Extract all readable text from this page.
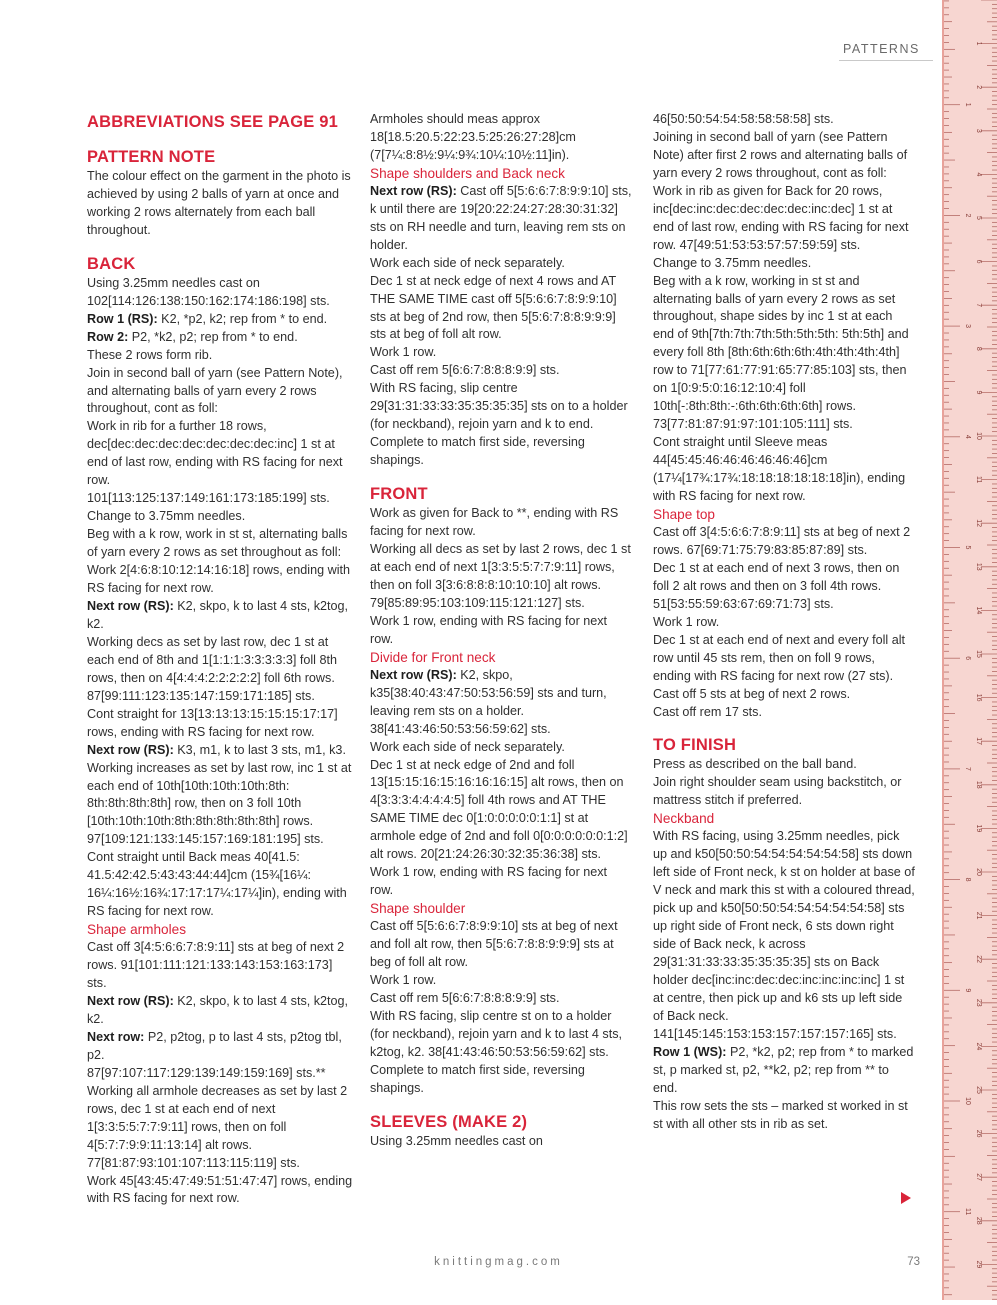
PATTERNS
ABBREVIATIONS SEE PAGE 91
PATTERN NOTE

The colour effect on the garment in the photo is achieved by using 2 balls of yarn at once and working 2 rows alternately from each ball throughout.

BACK

Using 3.25mm needles cast on 102[114:126:138:150:162:174:186:198] sts.

Row 1 (RS): K2, *p2, k2; rep from * to end.

Row 2: P2, *k2, p2; rep from * to end.

These 2 rows form rib.

Join in second ball of yarn (see Pattern Note), and alternating balls of yarn every 2 rows throughout, cont as foll:

Work in rib for a further 18 rows, dec[dec:dec:dec:dec:dec:dec:dec:inc] 1 st at end of last row, ending with RS facing for next row.

101[113:125:137:149:161:173:185:199] sts.

Change to 3.75mm needles.

Beg with a k row, work in st st, alternating balls of yarn every 2 rows as set throughout as foll:

Work 2[4:6:8:10:12:14:16:18] rows, ending with RS facing for next row.

Next row (RS): K2, skpo, k to last 4 sts, k2tog, k2.

Working decs as set by last row, dec 1 st at each end of 8th and 1[1:1:1:3:3:3:3:3] foll 8th rows, then on 4[4:4:4:2:2:2:2:2] foll 6th rows. 87[99:111:123:135:147:159:171:185] sts.

Cont straight for 13[13:13:13:15:15:15:17:17] rows, ending with RS facing for next row.

Next row (RS): K3, m1, k to last 3 sts, m1, k3.

Working increases as set by last row, inc 1 st at each end of 10th[10th:10th:10th:8th: 8th:8th:8th:8th] row, then on 3 foll 10th [10th:10th:10th:8th:8th:8th:8th:8th] rows. 97[109:121:133:145:157:169:181:195] sts.

Cont straight until Back meas 40[41.5: 41.5:42:42.5:43:43:44:44]cm (15¾[16¼: 16¼:16½:16¾:17:17:17¼:17¼]in), ending with RS facing for next row.

Shape armholes

Cast off 3[4:5:6:6:7:8:9:11] sts at beg of next 2 rows. 91[101:111:121:133:143:153:163:173] sts.

Next row (RS): K2, skpo, k to last 4 sts, k2tog, k2.

Next row: P2, p2tog, p to last 4 sts, p2tog tbl, p2.

87[97:107:117:129:139:149:159:169] sts.**

Working all armhole decreases as set by last 2 rows, dec 1 st at each end of next 1[3:3:5:5:7:7:9:11] rows, then on foll 4[5:7:7:9:9:11:13:14] alt rows.

77[81:87:93:101:107:113:115:119] sts.

Work 45[43:45:47:49:51:51:47:47] rows, ending with RS facing for next row.

Armholes should meas approx 18[18.5:20.5:22:23.5:25:26:27:28]cm (7[7¼:8:8½:9¼:9¾:10¼:10½:11]in).

Shape shoulders and Back neck

Next row (RS): Cast off 5[5:6:6:7:8:9:9:10] sts, k until there are 19[20:22:24:27:28:30:31:32] sts on RH needle and turn, leaving rem sts on holder.

Work each side of neck separately.

Dec 1 st at neck edge of next 4 rows and AT THE SAME TIME cast off 5[5:6:6:7:8:9:9:10] sts at beg of 2nd row, then 5[5:6:7:8:8:9:9:9] sts at beg of foll alt row.

Work 1 row.

Cast off rem 5[6:6:7:8:8:8:9:9] sts.

With RS facing, slip centre 29[31:31:33:33:35:35:35:35] sts on to a holder (for neckband), rejoin yarn and k to end.

Complete to match first side, reversing shapings.

FRONT

Work as given for Back to **, ending with RS facing for next row.

Working all decs as set by last 2 rows, dec 1 st at each end of next 1[3:3:5:5:7:7:9:11] rows, then on foll 3[3:6:8:8:8:10:10:10] alt rows. 79[85:89:95:103:109:115:121:127] sts.

Work 1 row, ending with RS facing for next row.

Divide for Front neck

Next row (RS): K2, skpo, k35[38:40:43:47:50:53:56:59] sts and turn, leaving rem sts on a holder. 38[41:43:46:50:53:56:59:62] sts.

Work each side of neck separately.

Dec 1 st at neck edge of 2nd and foll 13[15:15:16:15:16:16:16:15] alt rows, then on 4[3:3:3:4:4:4:4:5] foll 4th rows and AT THE SAME TIME dec 0[1:0:0:0:0:0:1:1] st at armhole edge of 2nd and foll 0[0:0:0:0:0:0:1:2] alt rows. 20[21:24:26:30:32:35:36:38] sts.

Work 1 row, ending with RS facing for next row.

Shape shoulder

Cast off 5[5:6:6:7:8:9:9:10] sts at beg of next and foll alt row, then 5[5:6:7:8:8:9:9:9] sts at beg of foll alt row.

Work 1 row.

Cast off rem 5[6:6:7:8:8:8:9:9] sts.

With RS facing, slip centre st on to a holder (for neckband), rejoin yarn and k to last 4 sts, k2tog, k2. 38[41:43:46:50:53:56:59:62] sts.

Complete to match first side, reversing shapings.

SLEEVES (MAKE 2)

Using 3.25mm needles cast on

46[50:50:54:54:58:58:58:58] sts.

Joining in second ball of yarn (see Pattern Note) after first 2 rows and alternating balls of yarn every 2 rows throughout, cont as foll:

Work in rib as given for Back for 20 rows, inc[dec:inc:dec:dec:dec:dec:inc:dec] 1 st at end of last row, ending with RS facing for next row. 47[49:51:53:53:57:57:59:59] sts.

Change to 3.75mm needles.

Beg with a k row, working in st st and alternating balls of yarn every 2 rows as set throughout, shape sides by inc 1 st at each end of 9th[7th:7th:7th:5th:5th:5th: 5th:5th] and every foll 8th [8th:6th:6th:6th:4th:4th:4th:4th] row to 71[77:61:77:91:65:77:85:103] sts, then on 1[0:9:5:0:16:12:10:4] foll 10th[-:8th:8th:-:6th:6th:6th:6th] rows. 73[77:81:87:91:97:101:105:111] sts.

Cont straight until Sleeve meas 44[45:45:46:46:46:46:46:46]cm (17¼[17¾:17¾:18:18:18:18:18:18]in), ending with RS facing for next row.

Shape top

Cast off 3[4:5:6:6:7:8:9:11] sts at beg of next 2 rows. 67[69:71:75:79:83:85:87:89] sts.

Dec 1 st at each end of next 3 rows, then on foll 2 alt rows and then on 3 foll 4th rows. 51[53:55:59:63:67:69:71:73] sts.

Work 1 row.

Dec 1 st at each end of next and every foll alt row until 45 sts rem, then on foll 9 rows, ending with RS facing for next row (27 sts).

Cast off 5 sts at beg of next 2 rows.

Cast off rem 17 sts.

TO FINISH

Press as described on the ball band.

Join right shoulder seam using backstitch, or mattress stitch if preferred.

Neckband

With RS facing, using 3.25mm needles, pick up and k50[50:50:54:54:54:54:54:58] sts down left side of Front neck, k st on holder at base of V neck and mark this st with a coloured thread, pick up and k50[50:50:54:54:54:54:54:58] sts up right side of Front neck, 6 sts down right side of Back neck, k across 29[31:31:33:33:35:35:35:35] sts on Back holder dec[inc:inc:dec:dec:inc:inc:inc:inc] 1 st at centre, then pick up and k6 sts up left side of Back neck. 141[145:145:153:153:157:157:157:165] sts.

Row 1 (WS): P2, *k2, p2; rep from * to marked st, p marked st, p2, **k2, p2; rep from ** to end.

This row sets the sts – marked st worked in st st with all other sts in rib as set.

knittingmag.com	73
1
2
3
4
5
6
7
8
9
10
11
12
13
14
15
16
17
18
19
20
21
22
23
24
25
26
27
28
29
1
2
3
4
5
6
7
8
9
10
11
